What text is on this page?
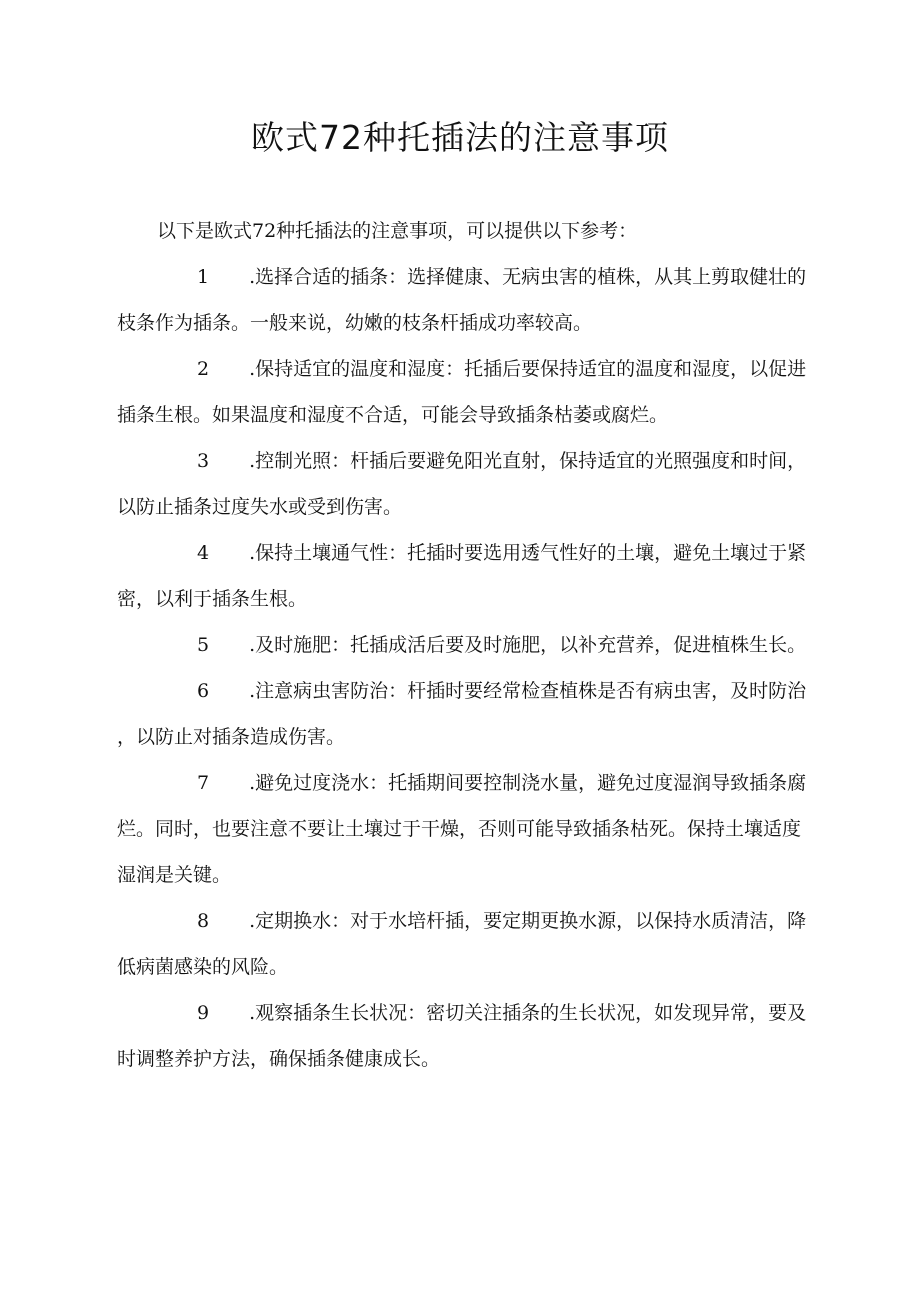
欧式72种托插法的注意事项

以下是欧式72种托插法的注意事项，可以提供以下参考：

1 .选择合适的插条：选择健康、无病虫害的植株，从其上剪取健壮的枝条作为插条。一般来说，幼嫩的枝条杆插成功率较高。

2 .保持适宜的温度和湿度：托插后要保持适宜的温度和湿度，以促进插条生根。如果温度和湿度不合适，可能会导致插条枯萎或腐烂。

3 .控制光照：杆插后要避免阳光直射，保持适宜的光照强度和时间，以防止插条过度失水或受到伤害。

4 .保持土壤通气性：托插时要选用透气性好的土壤，避免土壤过于紧密，以利于插条生根。

5 .及时施肥：托插成活后要及时施肥，以补充营养，促进植株生长。

6 .注意病虫害防治：杆插时要经常检查植株是否有病虫害，及时防治，以防止对插条造成伤害。

7 .避免过度浇水：托插期间要控制浇水量，避免过度湿润导致插条腐烂。同时，也要注意不要让土壤过于干燥，否则可能导致插条枯死。保持土壤适度湿润是关键。

8 .定期换水：对于水培杆插，要定期更换水源，以保持水质清洁，降低病菌感染的风险。

9 .观察插条生长状况：密切关注插条的生长状况，如发现异常，要及时调整养护方法，确保插条健康成长。
